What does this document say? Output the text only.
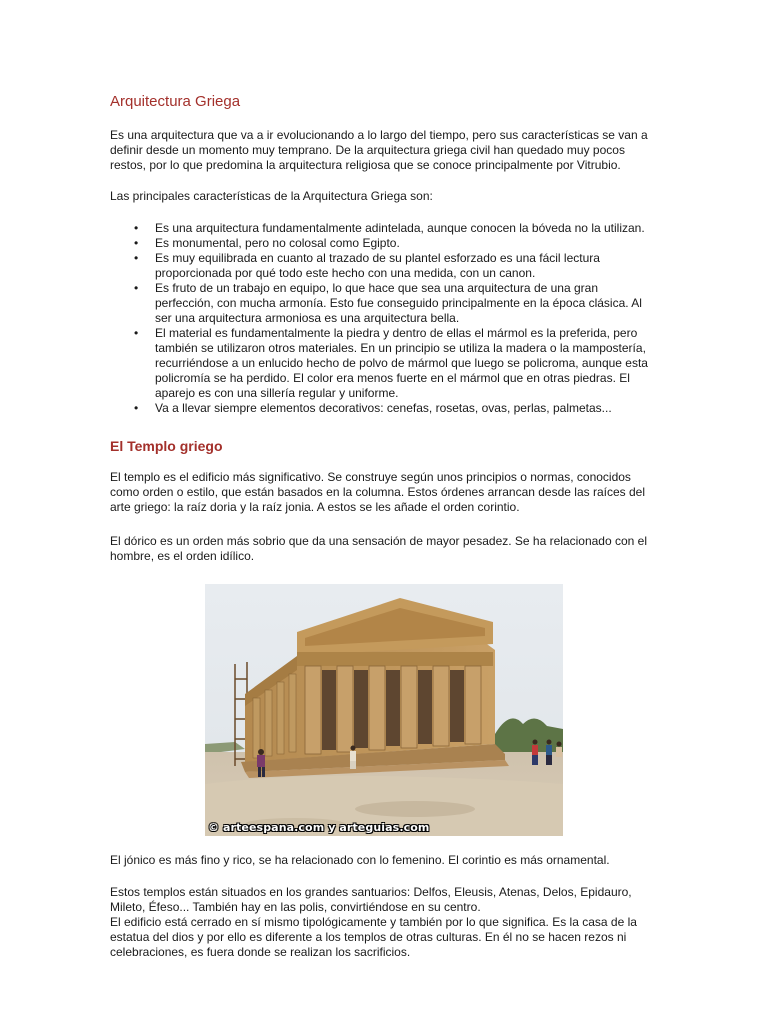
Arquitectura Griega

Es una arquitectura que va a ir evolucionando a lo largo del tiempo, pero sus características se van a definir desde un momento muy temprano. De la arquitectura griega civil han quedado muy pocos restos, por lo que predomina la arquitectura religiosa que se conoce principalmente por Vitrubio.

Las principales características de la Arquitectura Griega son:

• Es una arquitectura fundamentalmente adintelada, aunque conocen la bóveda no la utilizan.
• Es monumental, pero no colosal como Egipto.
• Es muy equilibrada en cuanto al trazado de su plantel esforzado es una fácil lectura proporcionada por qué todo este hecho con una medida, con un canon.
• Es fruto de un trabajo en equipo, lo que hace que sea una arquitectura de una gran perfección, con mucha armonía. Esto fue conseguido principalmente en la época clásica. Al ser una arquitectura armoniosa es una arquitectura bella.
• El material es fundamentalmente la piedra y dentro de ellas el mármol es la preferida, pero también se utilizaron otros materiales. En un principio se utiliza la madera o la mampostería, recurriéndose a un enlucido hecho de polvo de mármol que luego se policroma, aunque esta policromía se ha perdido. El color era menos fuerte en el mármol que en otras piedras. El aparejo es con una sillería regular y uniforme.
• Va a llevar siempre elementos decorativos: cenefas, rosetas, ovas, perlas, palmetas...
El Templo griego

El templo es el edificio más significativo. Se construye según unos principios o normas, conocidos como orden o estilo, que están basados en la columna. Estos órdenes arrancan desde las raíces del arte griego: la raíz doria y la raíz jonia. A estos se les añade el orden corintio.

El dórico es un orden más sobrio que da una sensación de mayor pesadez. Se ha relacionado con el hombre, es el orden idílico.

© arteespana.com y arteguias.com

El jónico es más fino y rico, se ha relacionado con lo femenino. El corintio es más ornamental.

Estos templos están situados en los grandes santuarios: Delfos, Eleusis, Atenas, Delos, Epidauro, Mileto, Éfeso... También hay en las polis, convirtiéndose en su centro.

El edificio está cerrado en sí mismo tipológicamente y también por lo que significa. Es la casa de la estatua del dios y por ello es diferente a los templos de otras culturas. En él no se hacen rezos ni celebraciones, es fuera donde se realizan los sacrificios.
